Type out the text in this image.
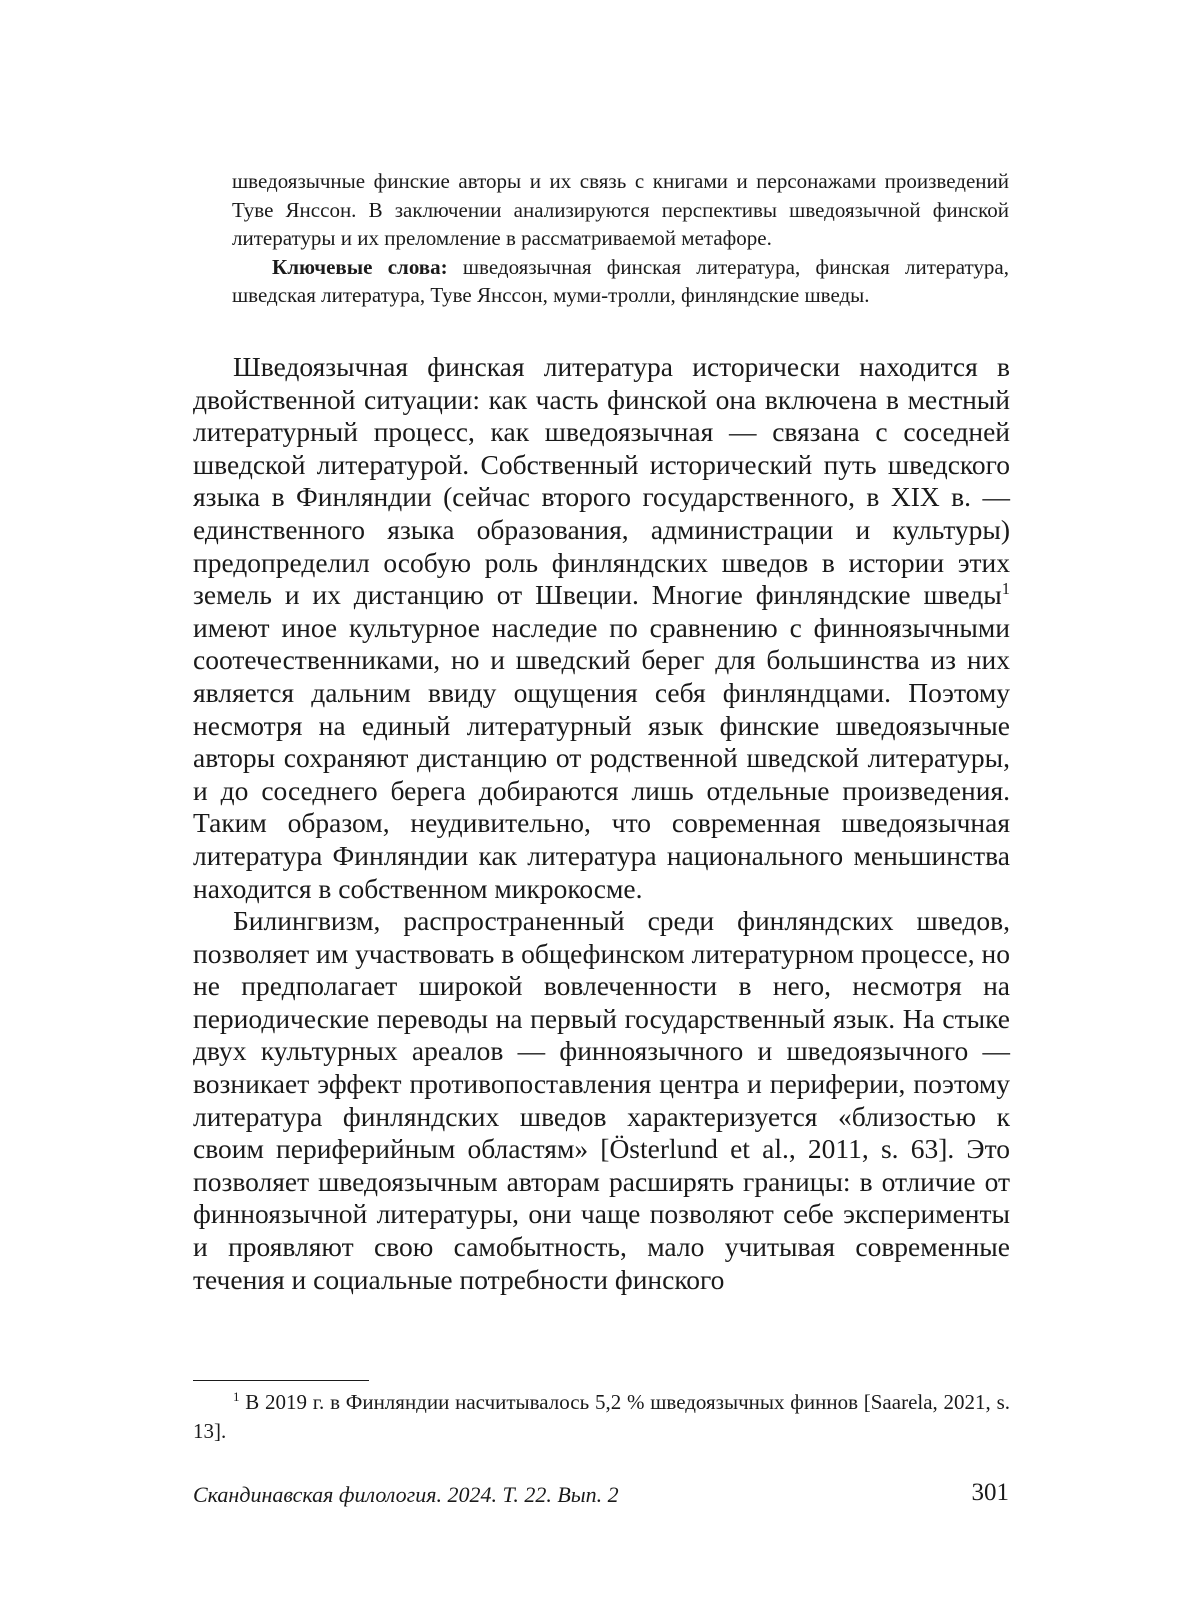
шведоязычные финские авторы и их связь с книгами и персонажами произведений Туве Янссон. В заключении анализируются перспективы шведоязычной финской литературы и их преломление в рассматриваемой метафоре.

Ключевые слова: шведоязычная финская литература, финская литература, шведская литература, Туве Янссон, муми-тролли, финляндские шведы.

Шведоязычная финская литература исторически находится в двойственной ситуации: как часть финской она включена в местный литературный процесс, как шведоязычная — связана с соседней шведской литературой. Собственный исторический путь шведского языка в Финляндии (сейчас второго государственного, в XIX в. — единственного языка образования, администрации и культуры) предопределил особую роль финляндских шведов в истории этих земель и их дистанцию от Швеции. Многие финляндские шведы$^1$ имеют иное культурное наследие по сравнению с финноязычными соотечественниками, но и шведский берег для большинства из них является дальним ввиду ощущения себя финляндцами. Поэтому несмотря на единый литературный язык финские шведоязычные авторы сохраняют дистанцию от родственной шведской литературы, и до соседнего берега добираются лишь отдельные произведения. Таким образом, неудивительно, что современная шведоязычная литература Финляндии как литература национального меньшинства находится в собственном микрокосме.

Билингвизм, распространенный среди финляндских шведов, позволяет им участвовать в общефинском литературном процессе, но не предполагает широкой вовлеченности в него, несмотря на периодические переводы на первый государственный язык. На стыке двух культурных ареалов — финноязычного и шведоязычного — возникает эффект противопоставления центра и периферии, поэтому литература финляндских шведов характеризуется «близостью к своим периферийным областям» [Österlund et al., 2011, s. 63]. Это позволяет шведоязычным авторам расширять границы: в отличие от финноязычной литературы, они чаще позволяют себе эксперименты и проявляют свою самобытность, мало учитывая современные течения и социальные потребности финского

$^1$ В 2019 г. в Финляндии насчитывалось 5,2 % шведоязычных финнов [Saarela, 2021, s. 13].

Скандинавская филология. 2024. Т. 22. Вып. 2	301
